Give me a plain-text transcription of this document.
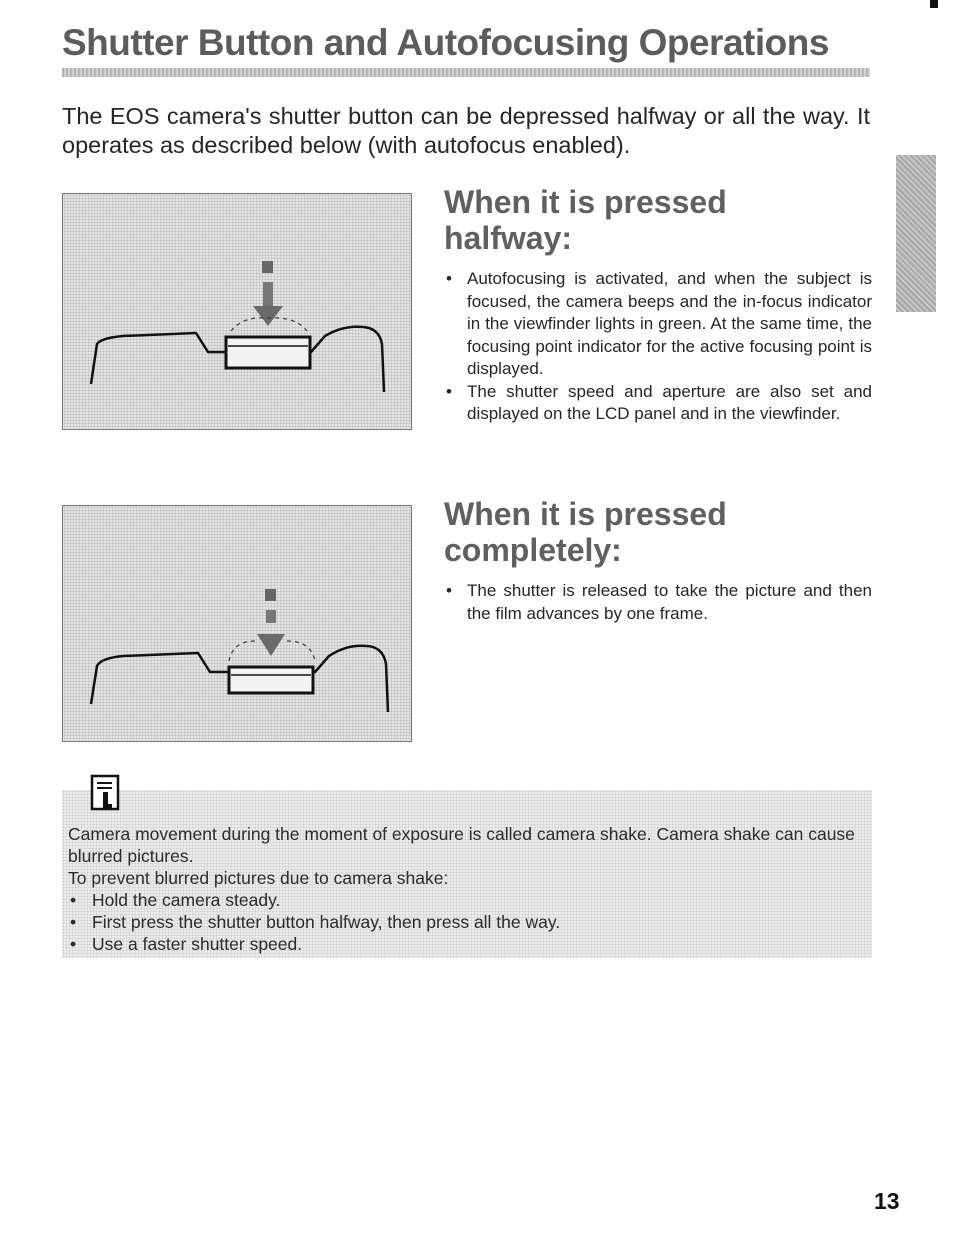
Shutter Button and Autofocusing Operations

The EOS camera's shutter button can be depressed halfway or all the way. It operates as described below (with autofocus enabled).

When it is pressed halfway:
• Autofocusing is activated, and when the subject is focused, the camera beeps and the in-focus indicator in the viewfinder lights in green. At the same time, the focusing point indicator for the active focusing point is displayed.
• The shutter speed and aperture are also set and displayed on the LCD panel and in the viewfinder.
When it is pressed completely:
• The shutter is released to take the picture and then the film advances by one frame.
Camera movement during the moment of exposure is called camera shake. Camera shake can cause blurred pictures.
To prevent blurred pictures due to camera shake:
• Hold the camera steady.
• First press the shutter button halfway, then press all the way.
• Use a faster shutter speed.
13
